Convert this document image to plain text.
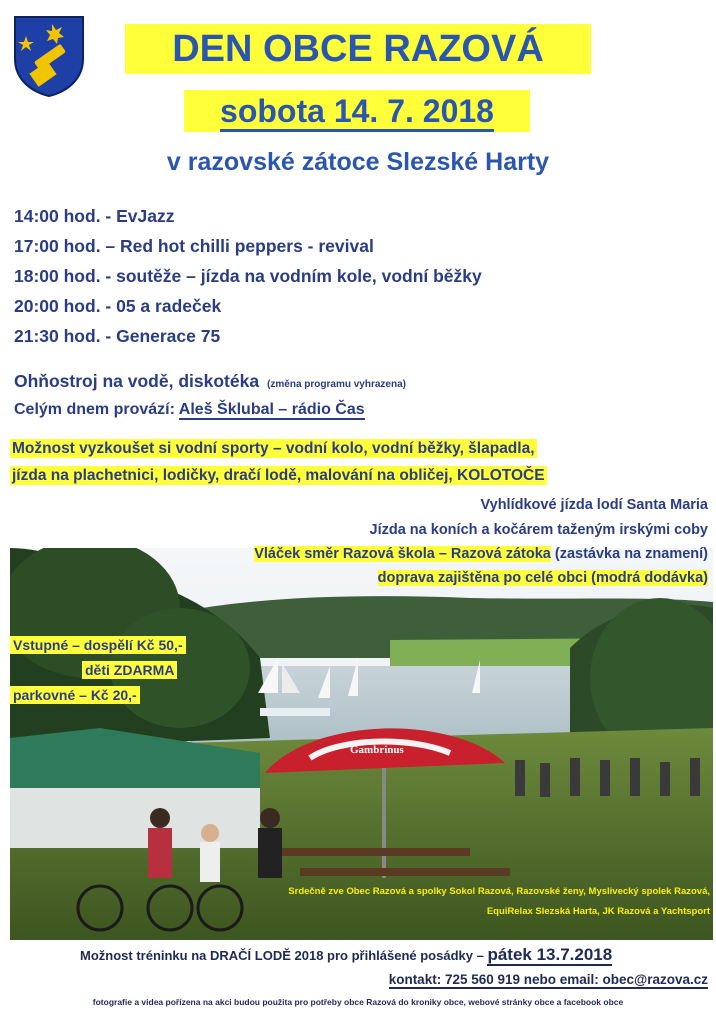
DEN OBCE RAZOVÁ
sobota 14. 7. 2018
v razovské zátoce Slezské Harty
14:00 hod. - EvJazz
17:00 hod. – Red hot chilli peppers - revival
18:00 hod. - soutěže – jízda na vodním kole, vodní běžky
20:00 hod. - 05 a radeček
21:30 hod. - Generace 75
Ohňostroj na vodě, diskotéka (změna programu vyhrazena)
Celým dnem provází: Aleš Šklubal – rádio Čas
Možnost vyzkoušet si vodní sporty – vodní kolo, vodní běžky, šlapadla,
jízda na plachetnici, lodičky, dračí lodě, malování na obličej, KOLOTOČE
Gambrinus
Vyhlídkové jízda lodí Santa Maria
Jízda na koních a kočárem taženým irskými coby
Vláček směr Razová škola – Razová zátoka (zastávka na znamení)
doprava zajištěna po celé obci (modrá dodávka)
Vstupné – dospělí Kč 50,-
děti ZDARMA
parkovné – Kč 20,-
Srdečně zve Obec Razová a spolky Sokol Razová, Razovské ženy, Myslivecký spolek Razová,
EquiRelax Slezská Harta, JK Razová a Yachtsport
Možnost tréninku na DRAČÍ LODĚ 2018 pro přihlášené posádky – pátek 13.7.2018
kontakt: 725 560 919 nebo email: obec@razova.cz
fotografie a videa pořízena na akci budou použita pro potřeby obce Razová do kroniky obce, webové stránky obce a facebook obce
